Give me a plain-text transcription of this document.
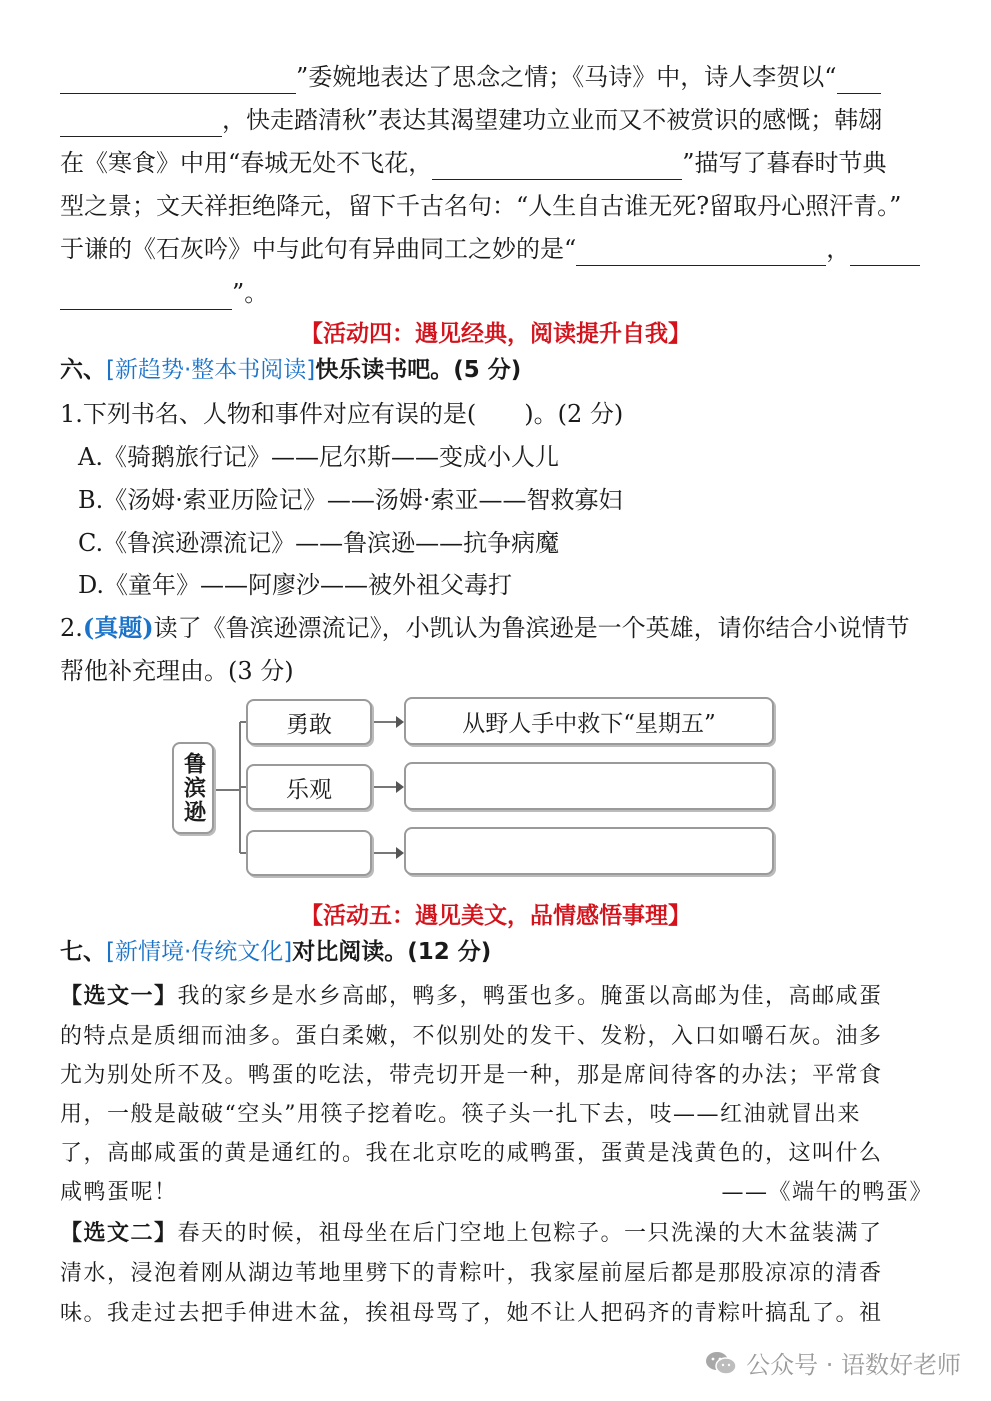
”委婉地表达了思念之情；《马诗》中，诗人李贺以“
，快走踏清秋”表达其渴望建功立业而又不被赏识的感慨；韩翃
在《寒食》中用“春城无处不飞花，	”描写了暮春时节典
型之景；文天祥拒绝降元，留下千古名句：“人生自古谁无死?留取丹心照汗青。”
于谦的《石灰吟》中与此句有异曲同工之妙的是“	，
”。
【活动四：遇见经典，阅读提升自我】
六、[新趋势·整本书阅读]快乐读书吧。(5 分)
1.下列书名、人物和事件对应有误的是( )。(2 分)
A.《骑鹅旅行记》——尼尔斯——变成小人儿
B.《汤姆·索亚历险记》——汤姆·索亚——智救寡妇
C.《鲁滨逊漂流记》——鲁滨逊——抗争病魔
D.《童年》——阿廖沙——被外祖父毒打
2.(真题)读了《鲁滨逊漂流记》，小凯认为鲁滨逊是一个英雄，请你结合小说情节
帮他补充理由。(3 分)
鲁滨逊
勇敢
乐观
从野人手中救下“星期五”
【活动五：遇见美文，品情感悟事理】
七、[新情境·传统文化]对比阅读。(12 分)
【选文一】我的家乡是水乡高邮，鸭多，鸭蛋也多。腌蛋以高邮为佳，高邮咸蛋
的特点是质细而油多。蛋白柔嫩，不似别处的发干、发粉，入口如嚼石灰。油多
尤为别处所不及。鸭蛋的吃法，带壳切开是一种，那是席间待客的办法；平常食
用，一般是敲破“空头”用筷子挖着吃。筷子头一扎下去，吱——红油就冒出来
了，高邮咸蛋的黄是通红的。我在北京吃的咸鸭蛋，蛋黄是浅黄色的，这叫什么
咸鸭蛋呢！	——《端午的鸭蛋》
【选文二】春天的时候，祖母坐在后门空地上包粽子。一只洗澡的大木盆装满了
清水，浸泡着刚从湖边苇地里劈下的青粽叶，我家屋前屋后都是那股凉凉的清香
味。我走过去把手伸进木盆，挨祖母骂了，她不让人把码齐的青粽叶搞乱了。祖
公众号 · 语数好老师
